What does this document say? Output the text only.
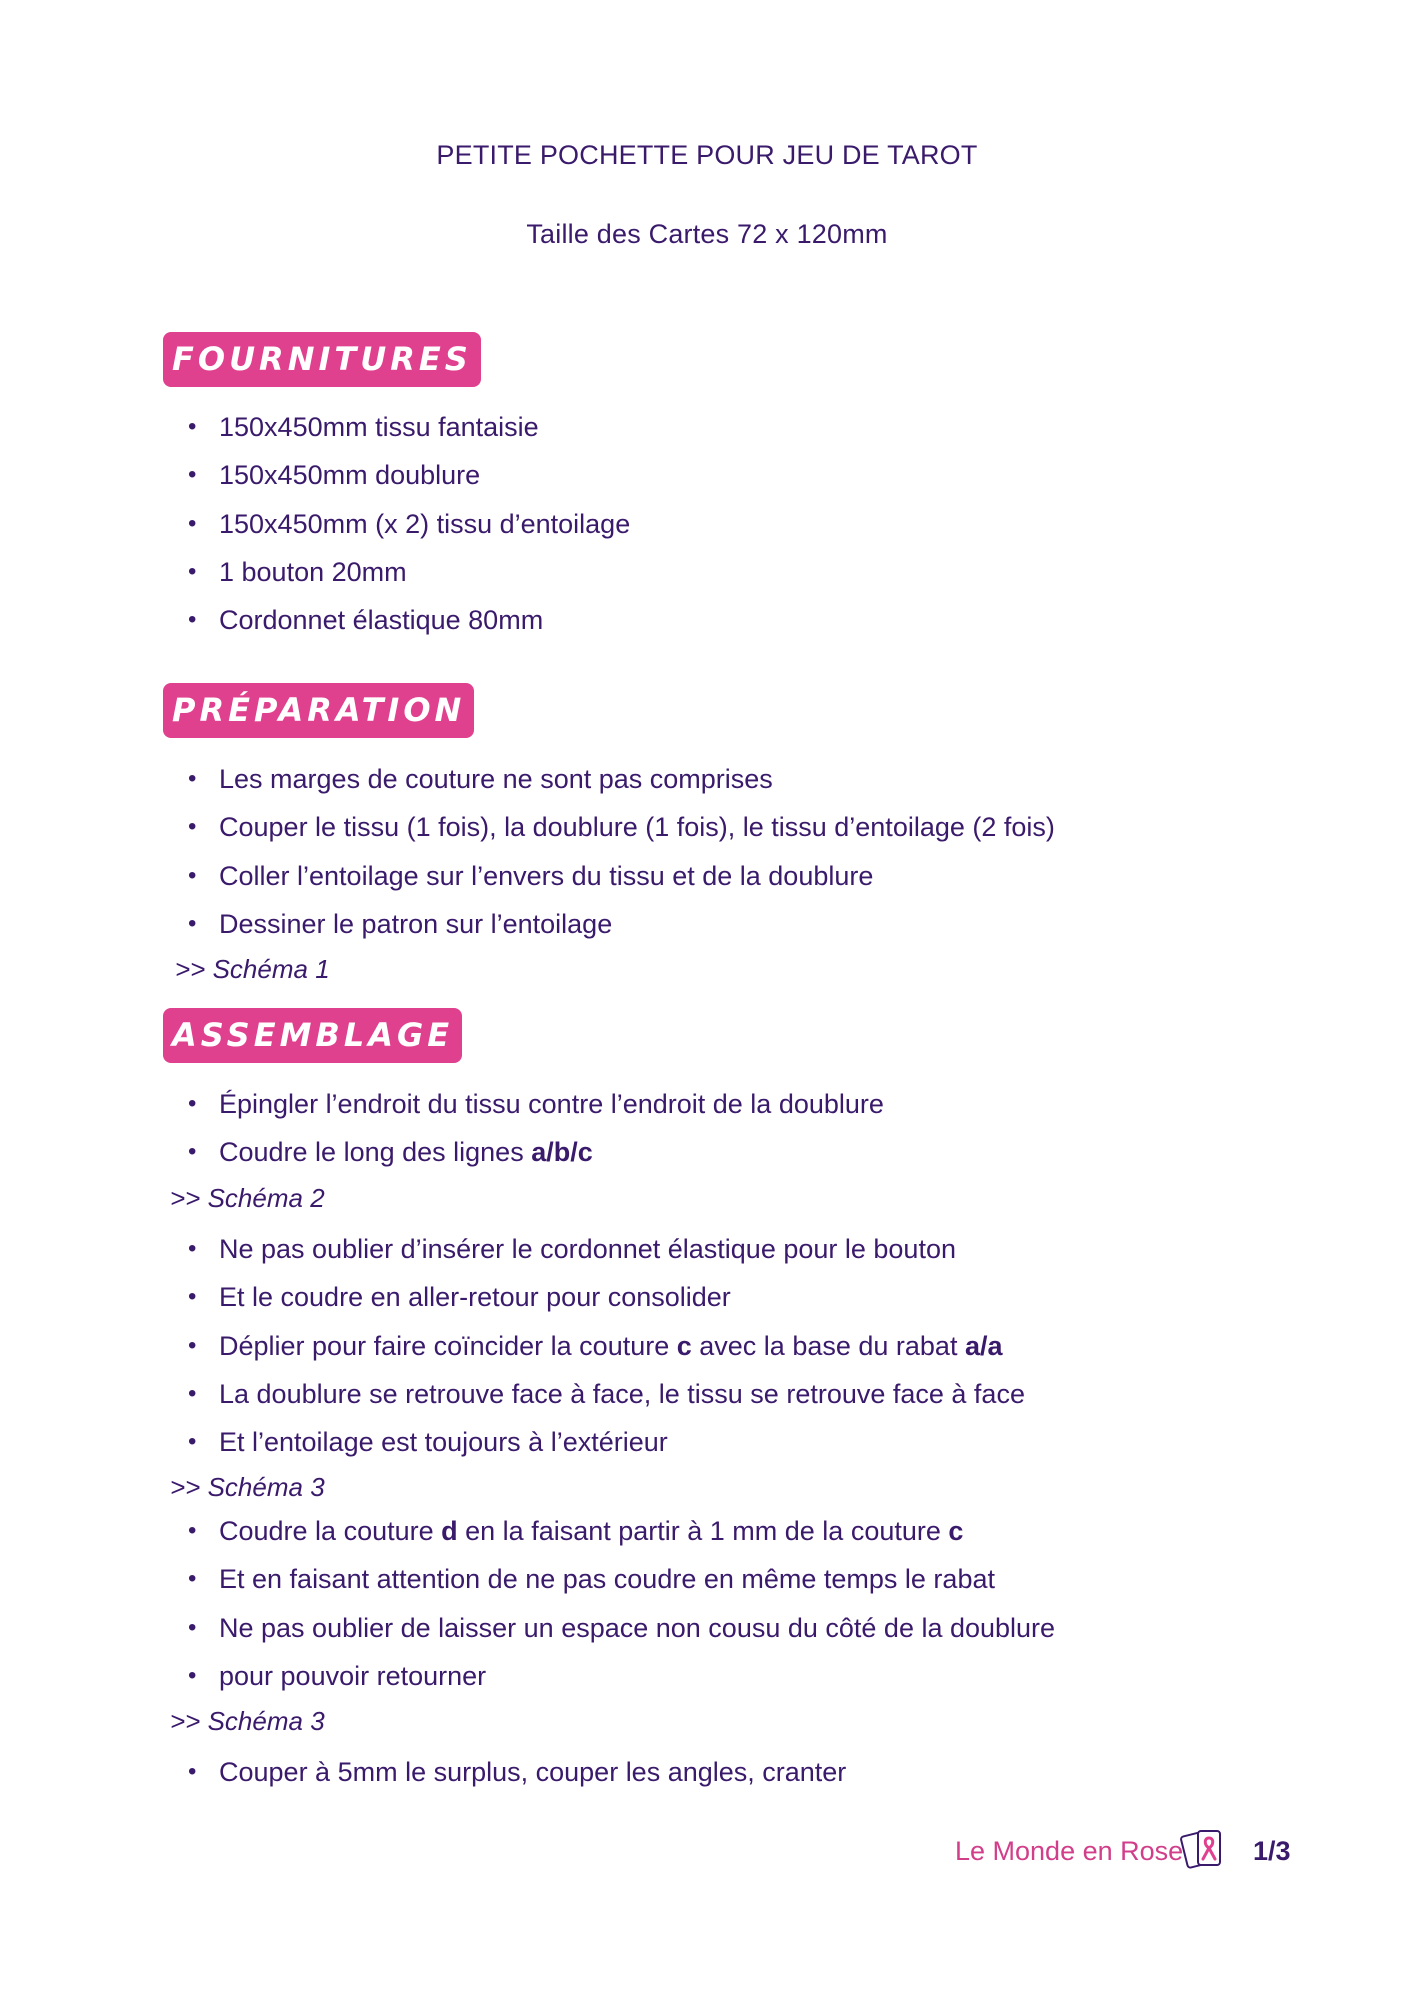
PETITE POCHETTE POUR JEU DE TAROT
Taille des Cartes 72 x 120mm
FOURNITURES
• 150x450mm tissu fantaisie
• 150x450mm doublure
• 150x450mm (x 2) tissu d’entoilage
• 1 bouton 20mm
• Cordonnet élastique 80mm
PRÉPARATION
• Les marges de couture ne sont pas comprises
• Couper le tissu (1 fois), la doublure (1 fois), le tissu d’entoilage (2 fois)
• Coller l’entoilage sur l’envers du tissu et de la doublure
• Dessiner le patron sur l’entoilage
>> Schéma 1
ASSEMBLAGE
• Épingler l’endroit du tissu contre l’endroit de la doublure
• Coudre le long des lignes a/b/c
>> Schéma 2
• Ne pas oublier d’insérer le cordonnet élastique pour le bouton
• Et le coudre en aller-retour pour consolider
• Déplier pour faire coïncider la couture c avec la base du rabat a/a
• La doublure se retrouve face à face, le tissu se retrouve face à face
• Et l’entoilage est toujours à l’extérieur
>> Schéma 3
• Coudre la couture d en la faisant partir à 1 mm de la couture c
• Et en faisant attention de ne pas coudre en même temps le rabat
• Ne pas oublier de laisser un espace non cousu du côté de la doublure
• pour pouvoir retourner
>> Schéma 3
• Couper à 5mm le surplus, couper les angles, cranter
Le Monde en Rose	1/3
